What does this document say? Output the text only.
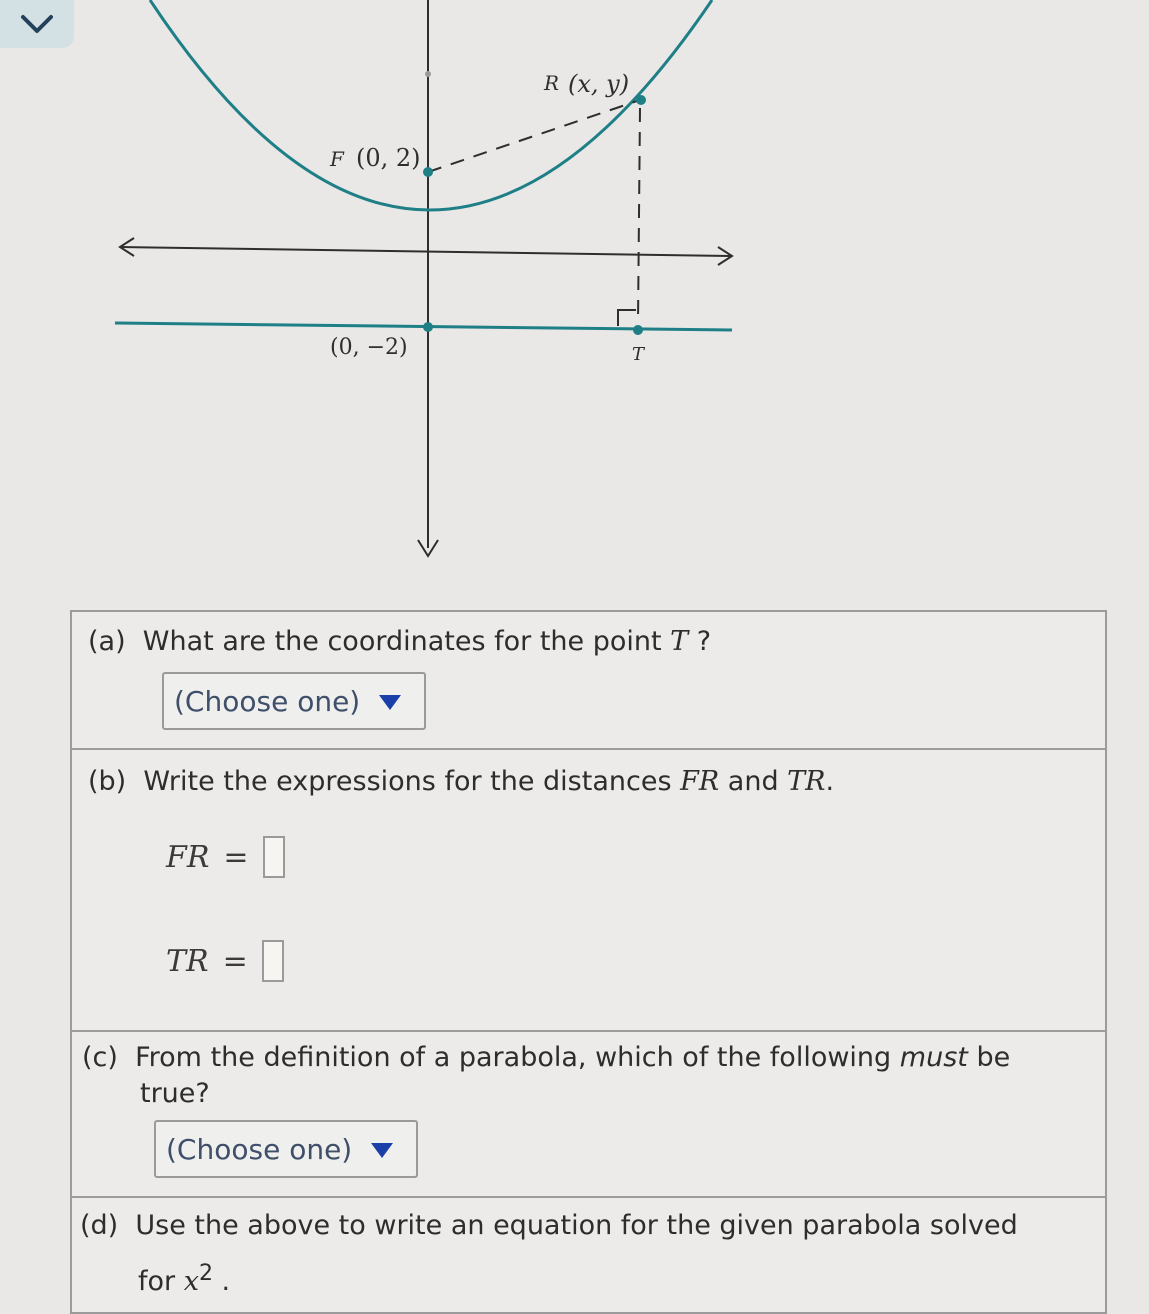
F (0, 2)
R (x, y)
(0, −2)	T
(a) What are the coordinates for the point T ?
(Choose one)
(b) Write the expressions for the distances FR and TR.
FR =
TR =
(c) From the definition of a parabola, which of the following must be
true?
(Choose one)
(d) Use the above to write an equation for the given parabola solved
for $x^2$ .
